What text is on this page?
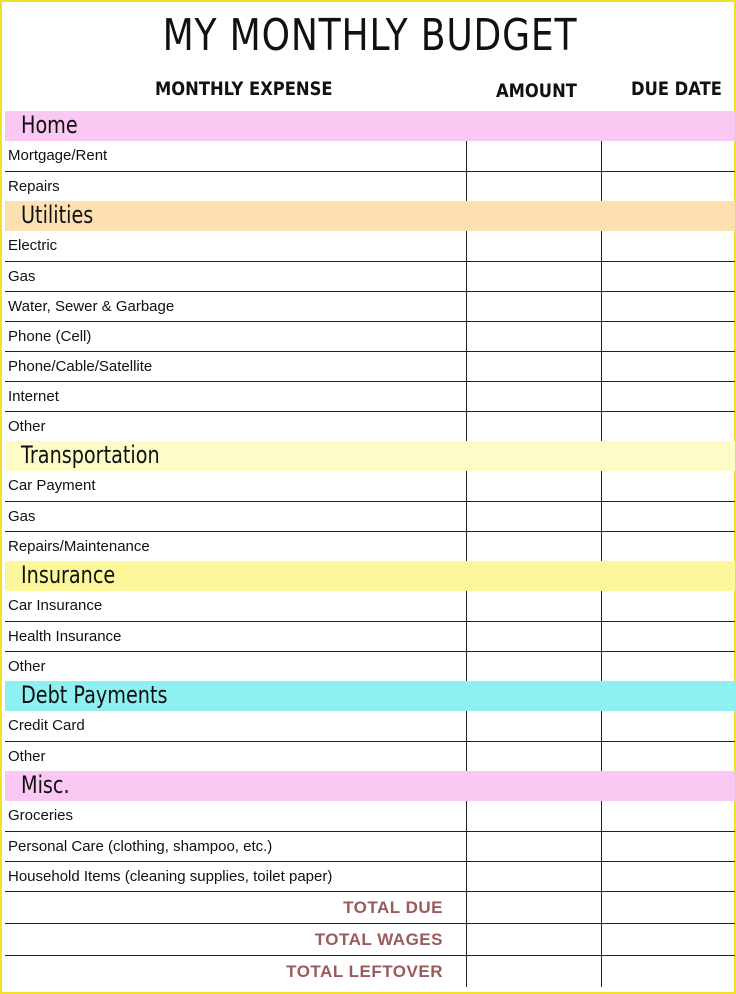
MY MONTHLY BUDGET
MONTHLY EXPENSE	AMOUNT	DUE DATE
Home
Mortgage/Rent
Repairs
Utilities
Electric
Gas
Water, Sewer & Garbage
Phone (Cell)
Phone/Cable/Satellite
Internet
Other
Transportation
Car Payment
Gas
Repairs/Maintenance
Insurance
Car Insurance
Health Insurance
Other
Debt Payments
Credit Card
Other
Misc.
Groceries
Personal Care (clothing, shampoo, etc.)
Household Items (cleaning supplies, toilet paper)
TOTAL DUE
TOTAL WAGES
TOTAL LEFTOVER
